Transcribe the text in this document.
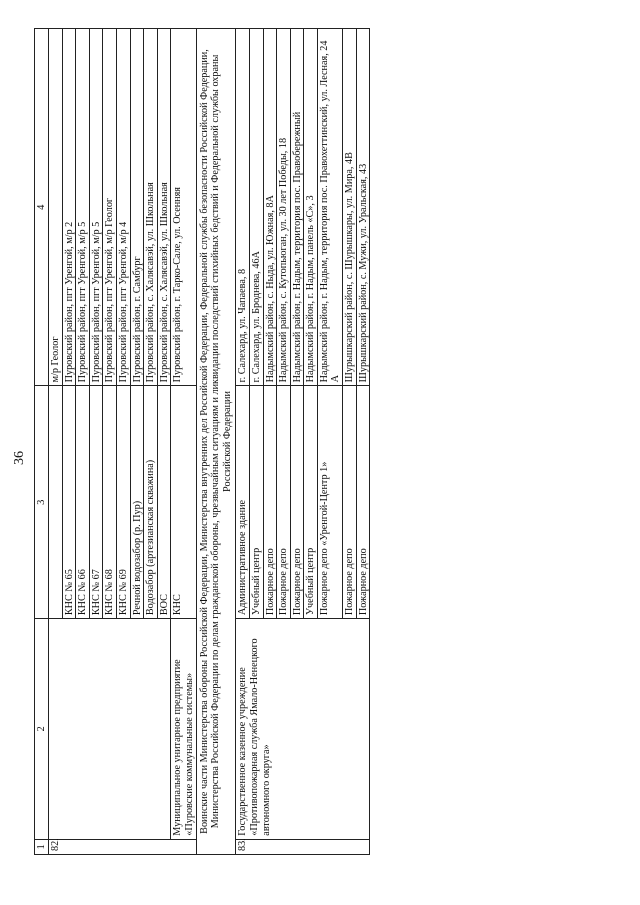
36
1	2	3	4
82.			м/р Геолог
		КНС № 65	Пуровский район, пгт Уренгой, м/р 2
		КНС № 66	Пуровский район, пгт Уренгой, м/р 5
		КНС № 67	Пуровский район, пгт Уренгой, м/р 5
		КНС № 68	Пуровский район, пгт Уренгой, м/р Геолог
		КНС № 69	Пуровский район, пгт Уренгой, м/р 4
		Речной водозабор (р. Пур)	Пуровский район, г. Самбург
		Водозабор (артезианская скважина)	Пуровский район, с. Халясавэй, ул. Школьная
		ВОС	Пуровский район, с. Халясавэй, ул. Школьная
	Муниципальное унитарное предприятие «Пуровские коммунальные системы»	КНС	Пуровский район, г. Тарко-Сале, ул. Осенняя
Воинские части Министерства обороны Российской Федерации, Министерства внутренних дел Российской Федерации, Федеральной службы безопасности Российской Федерации, Министерства Российской Федерации по делам гражданской обороны, чрезвычайным ситуациям и ликвидации последствий стихийных бедствий и Федеральной службы охраны Российской Федерации			
83.	Государственное казенное учреждение «Противопожарная служба Ямало-Ненецкого автономного округа»	Административное здание	г. Салехард, ул. Чапаева, 8
		Учебный центр	г. Салехард, ул. Броднева, 46А
		Пожарное депо	Надымский район, с. Ныда, ул. Южная, 8А
		Пожарное депо	Надымский район, с. Кутопьюган, ул. 30 лет Победы, 18
		Пожарное депо	Надымский район, г. Надым, территория пос. Правобережный
		Учебный центр	Надымский район, г. Надым, панель «С», 3
		Пожарное депо «Уренгой-Центр 1»	Надымский район, г. Надым, территория пос. Правохеттинский, ул. Лесная, 24 А
		Пожарное депо	Шурышкарский район, с. Шурышкары, ул. Мира, 4В
		Пожарное депо	Шурышкарский район, с. Мужи, ул. Уральская, 43
